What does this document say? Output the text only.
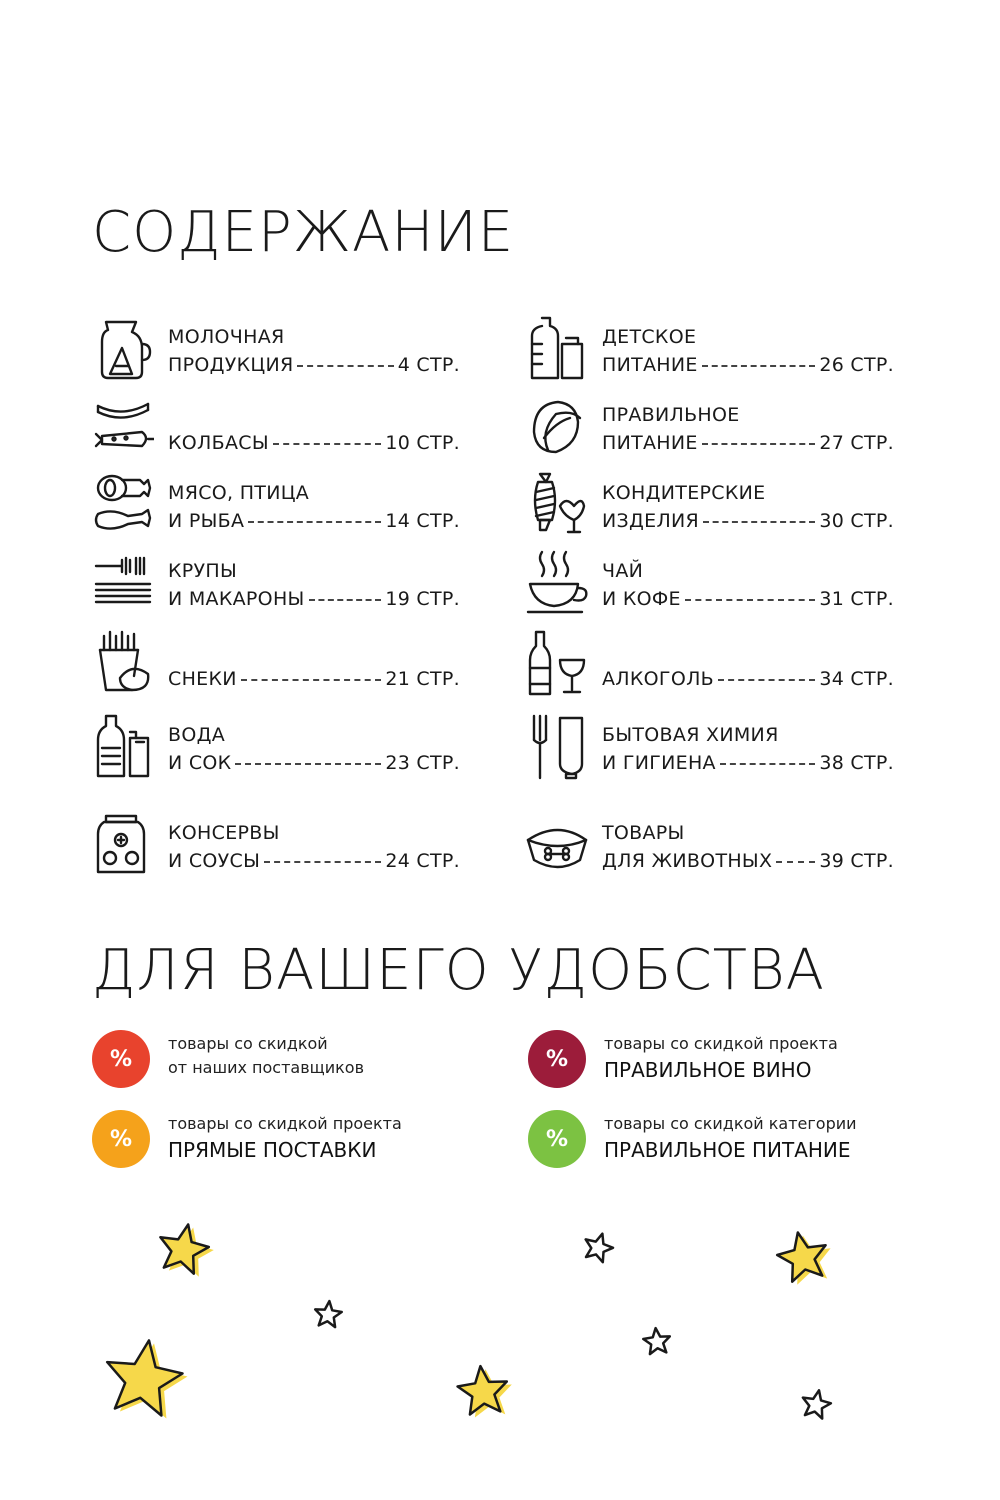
СОДЕРЖАНИЕ
МОЛОЧНАЯ
ПРОДУКЦИЯ	4 СТР.
КОЛБАСЫ	10 СТР.
МЯСО, ПТИЦА
И РЫБА	14 СТР.
КРУПЫ
И МАКАРОНЫ	19 СТР.
СНЕКИ	21 СТР.
ВОДА
И СОК	23 СТР.
КОНСЕРВЫ
И СОУСЫ	24 СТР.
ДЕТСКОЕ
ПИТАНИЕ	26 СТР.
ПРАВИЛЬНОЕ
ПИТАНИЕ	27 СТР.
КОНДИТЕРСКИЕ
ИЗДЕЛИЯ	30 СТР.
ЧАЙ
И КОФЕ	31 СТР.
АЛКОГОЛЬ	34 СТР.
БЫТОВАЯ ХИМИЯ
И ГИГИЕНА	38 СТР.
ТОВАРЫ
ДЛЯ ЖИВОТНЫХ 39 СТР.
ДЛЯ ВАШЕГО УДОБСТВА
%
товары со скидкой
от наших поставщиков	%
товары со скидкой проекта
ПРАВИЛЬНОЕ ВИНО
%
товары со скидкой проекта
ПРЯМЫЕ ПОСТАВКИ	%
товары со скидкой категории
ПРАВИЛЬНОЕ ПИТАНИЕ
